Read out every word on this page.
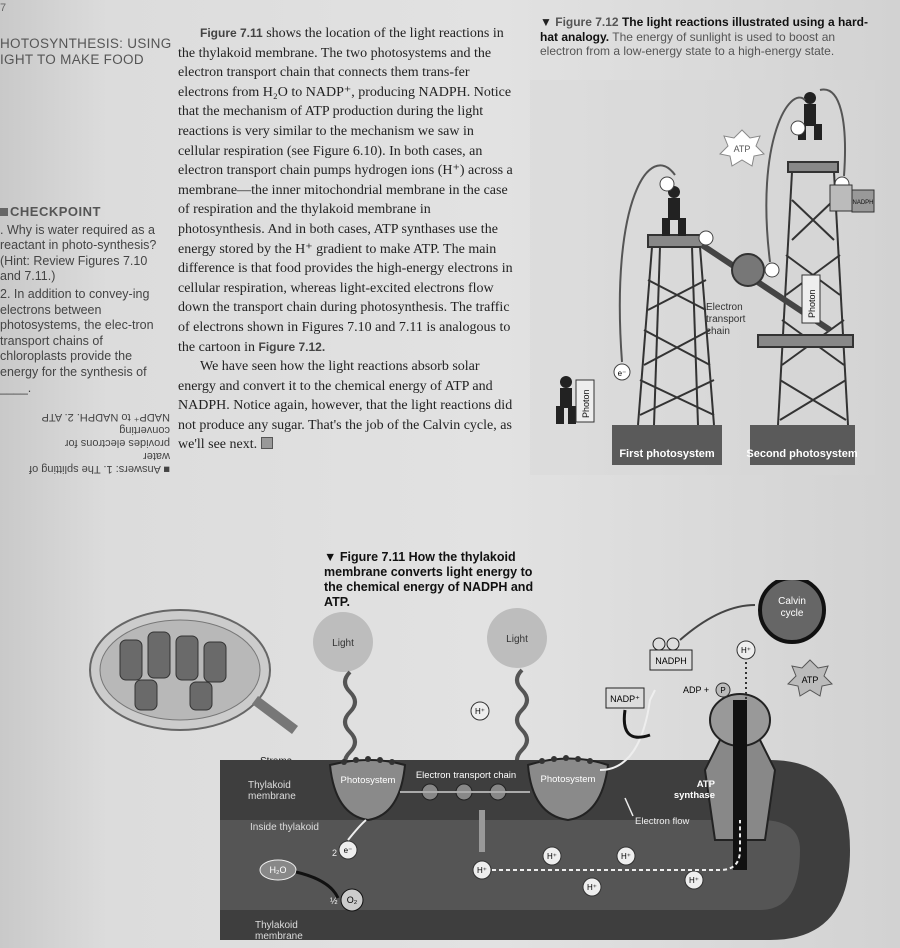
7
HOTOSYNTHESIS: USING
IGHT TO MAKE FOOD
CHECKPOINT

. Why is water required as a reactant in photo-synthesis? (Hint: Review Figures 7.10 and 7.11.)

2. In addition to convey-ing electrons between photosystems, the elec-tron transport chains of chloroplasts provide the energy for the synthesis of ____.

■ Answers: 1. The splitting of water
provides electrons for converting
NADP⁺ to NADPH. 2. ATP

Figure 7.11 shows the location of the light reactions in the thylakoid membrane. The two photosystems and the electron transport chain that connects them trans-fer electrons from H₂O to NADP⁺, producing NADPH. Notice that the mechanism of ATP production during the light reactions is very similar to the mechanism we saw in cellular respiration (see Figure 6.10). In both cases, an electron transport chain pumps hydrogen ions (H⁺) across a membrane—the inner mitochondrial membrane in the case of respiration and the thylakoid membrane in photosynthesis. And in both cases, ATP synthases use the energy stored by the H⁺ gradient to make ATP. The main difference is that food provides the high-energy electrons in cellular respiration, whereas light-excited electrons flow down the transport chain during photosynthesis. The traffic of electrons shown in Figures 7.10 and 7.11 is analogous to the cartoon in Figure 7.12.

We have seen how the light reactions absorb solar energy and convert it to the chemical energy of ATP and NADPH. Notice again, however, that the light reactions did not produce any sugar. That's the job of the Calvin cycle, as we'll see next.

▼ Figure 7.12 The light reactions illustrated using a hard-hat analogy. The energy of sunlight is used to boost an electron from a low-energy state to a high-energy state.
First photosystem	Second photosystem
Electron transport chain
ATP
Photon
Photon
e⁻
NADPH
▼ Figure 7.11 How the thylakoid membrane converts light energy to the chemical energy of NADPH and ATP.
Light	Light
Thylakoid membrane
Inside thylakoid
Thylakoid membrane
Photosystem	Photosystem
Electron transport chain
Electron flow
ATP synthase
NADPH
NADP⁺
Calvin cycle
ATP
ADP + P
H⁺
H⁺
H⁺
H⁺	H⁺
H⁺
H⁺
H₂O
2 e⁻
½ O₂
